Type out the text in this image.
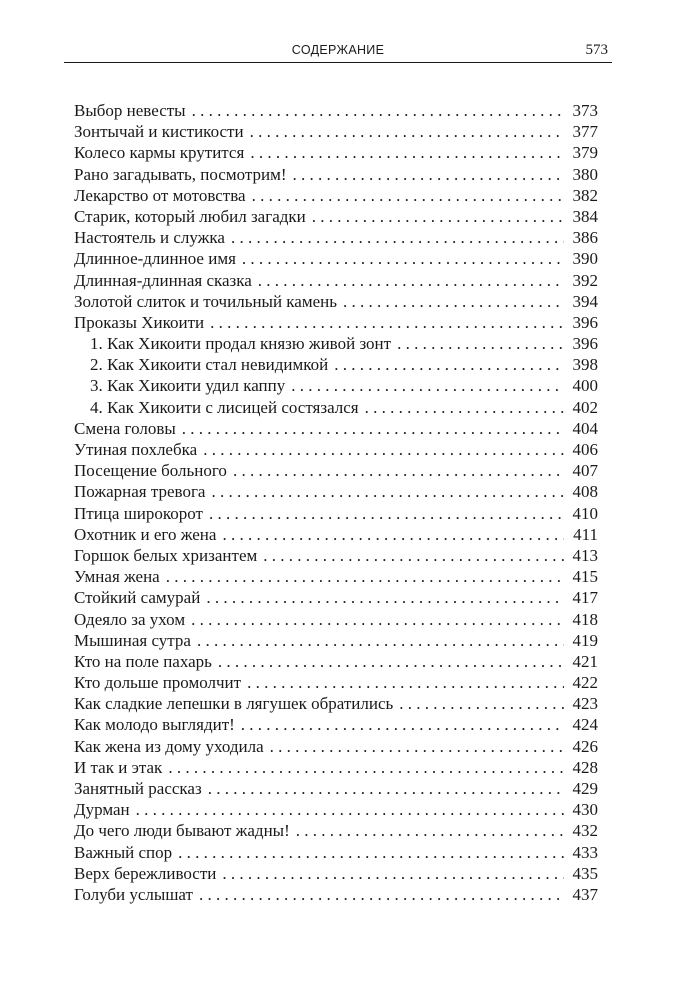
СОДЕРЖАНИЕ	573
Выбор невесты . . .	373
Зонтычай и кистикости . . .	377
Колесо кармы крутится . . .	379
Рано загадывать, посмотрим! . . .	380
Лекарство от мотовства . . .	382
Старик, который любил загадки . . .	384
Настоятель и служка . . .	386
Длинное-длинное имя . . .	390
Длинная-длинная сказка . . .	392
Золотой слиток и точильный камень . . .	394
Проказы Хикоити . . .	396
1. Как Хикоити продал князю живой зонт . . .	396
2. Как Хикоити стал невидимкой . . .	398
3. Как Хикоити удил каппу . . .	400
4. Как Хикоити с лисицей состязался . . .	402
Смена головы . . .	404
Утиная похлебка . . .	406
Посещение больного . . .	407
Пожарная тревога . . .	408
Птица широкорот . . .	410
Охотник и его жена . . .	411
Горшок белых хризантем . . .	413
Умная жена . . .	415
Стойкий самурай . . .	417
Одеяло за ухом . . .	418
Мышиная сутра . . .	419
Кто на поле пахарь . . .	421
Кто дольше промолчит . . .	422
Как сладкие лепешки в лягушек обратились . . .	423
Как молодо выглядит! . . .	424
Как жена из дому уходила . . .	426
И так и этак . . .	428
Занятный рассказ . . .	429
Дурман . . .	430
До чего люди бывают жадны! . . .	432
Важный спор . . .	433
Верх бережливости . . .	435
Голуби услышат . . .	437
